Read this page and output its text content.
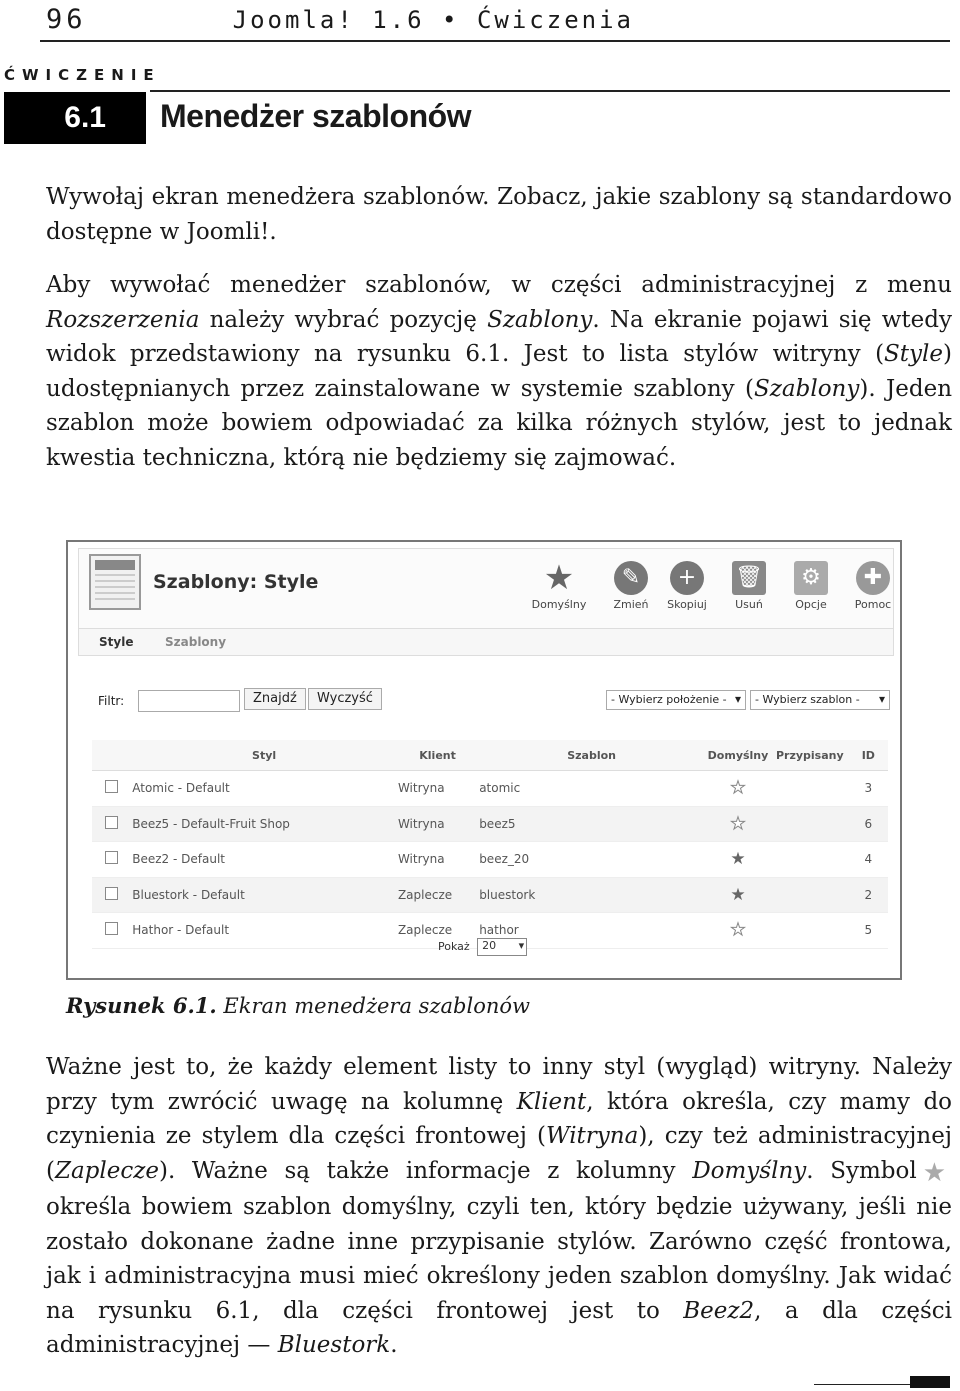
96	Joomla! 1.6 • Ćwiczenia
ĆWICZENIE
6.1	Menedżer szablonów

Wywołaj ekran menedżera szablonów. Zobacz, jakie szablony są standardowo dostępne w Joomli!.

Aby wywołać menedżer szablonów, w części administracyjnej z menu Rozszerzenia należy wybrać pozycję Szablony. Na ekranie pojawi się wtedy widok przedstawiony na rysunku 6.1. Jest to lista stylów witryny (Style) udostępnianych przez zainstalowane w systemie szablony (Szablony). Jeden szablon może bowiem odpowiadać za kilka różnych stylów, jest to jednak kwestia techniczna, którą nie będziemy się zajmować.

Szablony: Style	★
Domyślny
✎
Zmień
+
Skopiuj
🗑
Usuń
⚙
Opcje
✚
Pomoc
Style	Szablony
Filtr:	Znajdź	Wyczyść	- Wybierz położenie - ▾	- Wybierz szablon - ▾
	Styl	Klient	Szablon	Domyślny	Przypisany	ID
	Atomic - Default	Witryna	atomic	★		3
	Beez5 - Default-Fruit Shop	Witryna	beez5	★		6
	Beez2 - Default	Witryna	beez_20	★		4
	Bluestork - Default	Zaplecze	bluestork	★		2
	Hathor - Default	Zaplecze	hathor	★		5
Pokaż 20 ▾
Rysunek 6.1. Ekran menedżera szablonów

Ważne jest to, że każdy element listy to inny styl (wygląd) witryny. Należy przy tym zwrócić uwagę na kolumnę Klient, która określa, czy mamy do czynienia ze stylem dla części frontowej (Witryna), czy też administracyjnej (Zaplecze). Ważne są także informacje z kolumny Domyślny. Symbol ★określa bowiem szablon domyślny, czyli ten, który będzie używany, jeśli nie zostało dokonane żadne inne przypisanie stylów. Zarówno część frontowa, jak i administracyjna musi mieć określony jeden szablon domyślny. Jak widać na rysunku 6.1, dla części frontowej jest to Beez2, a dla części administracyjnej — Bluestork.
